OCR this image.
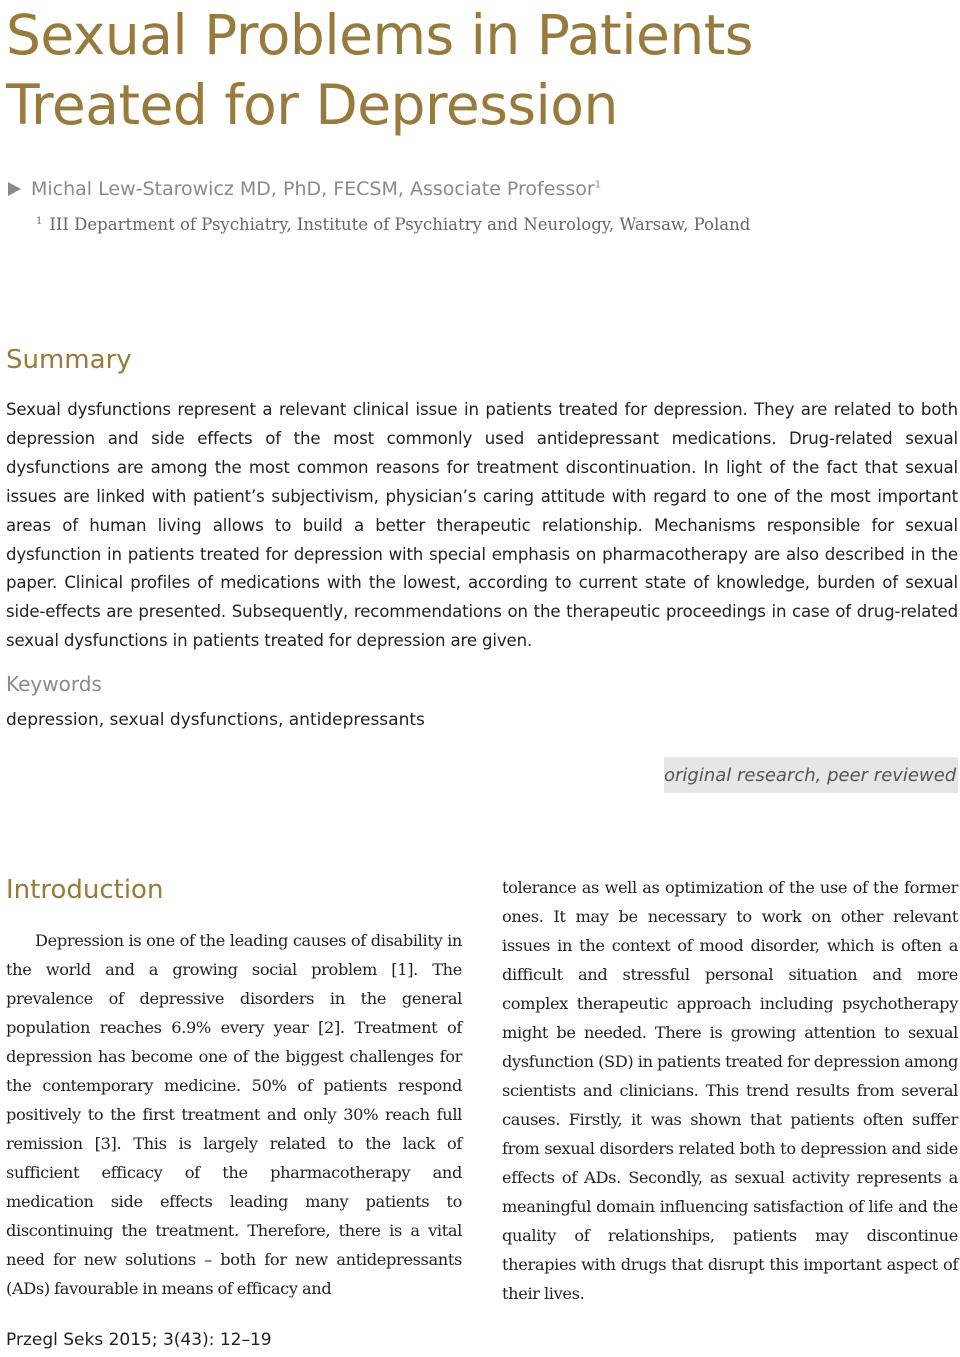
Sexual Problems in Patients Treated for Depression
Michal Lew-Starowicz MD, PhD, FECSM, Associate Professor$^1$
$^1$ III Department of Psychiatry, Institute of Psychiatry and Neurology, Warsaw, Poland
Summary

Sexual dysfunctions represent a relevant clinical issue in patients treated for depression. They are related to both depression and side effects of the most commonly used antidepressant medications. Drug-related sexual dysfunctions are among the most common reasons for treatment discontinuation. In light of the fact that sexual issues are linked with patient’s subjectivism, physician’s caring attitude with regard to one of the most important areas of human living allows to build a better therapeutic relationship. Mechanisms responsible for sexual dysfunction in patients treated for depression with special emphasis on pharmacotherapy are also described in the paper. Clinical profiles of medications with the lowest, according to current state of knowledge, burden of sexual side-effects are presented. Subsequently, recommendations on the therapeutic proceedings in case of drug-related sexual dysfunctions in patients treated for depression are given.

Keywords

depression, sexual dysfunctions, antidepressants

original research, peer reviewed
Introduction

Depression is one of the leading causes of disability in the world and a growing social problem [1]. The prevalence of depressive disorders in the general population reaches 6.9% every year [2]. Treatment of depression has become one of the biggest challenges for the contemporary medicine. 50% of patients respond positively to the first treatment and only 30% reach full remission [3]. This is largely related to the lack of sufficient efficacy of the pharmacotherapy and medication side effects leading many patients to discontinuing the treatment. Therefore, there is a vital need for new solutions – both for new antidepressants (ADs) favourable in means of efficacy and

tolerance as well as optimization of the use of the former ones. It may be necessary to work on other relevant issues in the context of mood disorder, which is often a difficult and stressful personal situation and more complex therapeutic approach including psychotherapy might be needed. There is growing attention to sexual dysfunction (SD) in patients treated for depression among scientists and clinicians. This trend results from several causes. Firstly, it was shown that patients often suffer from sexual disorders related both to depression and side effects of ADs. Secondly, as sexual activity represents a meaningful domain influencing satisfaction of life and the quality of relationships, patients may discontinue therapies with drugs that disrupt this important aspect of their lives.

Przegl Seks 2015; 3(43): 12–19
